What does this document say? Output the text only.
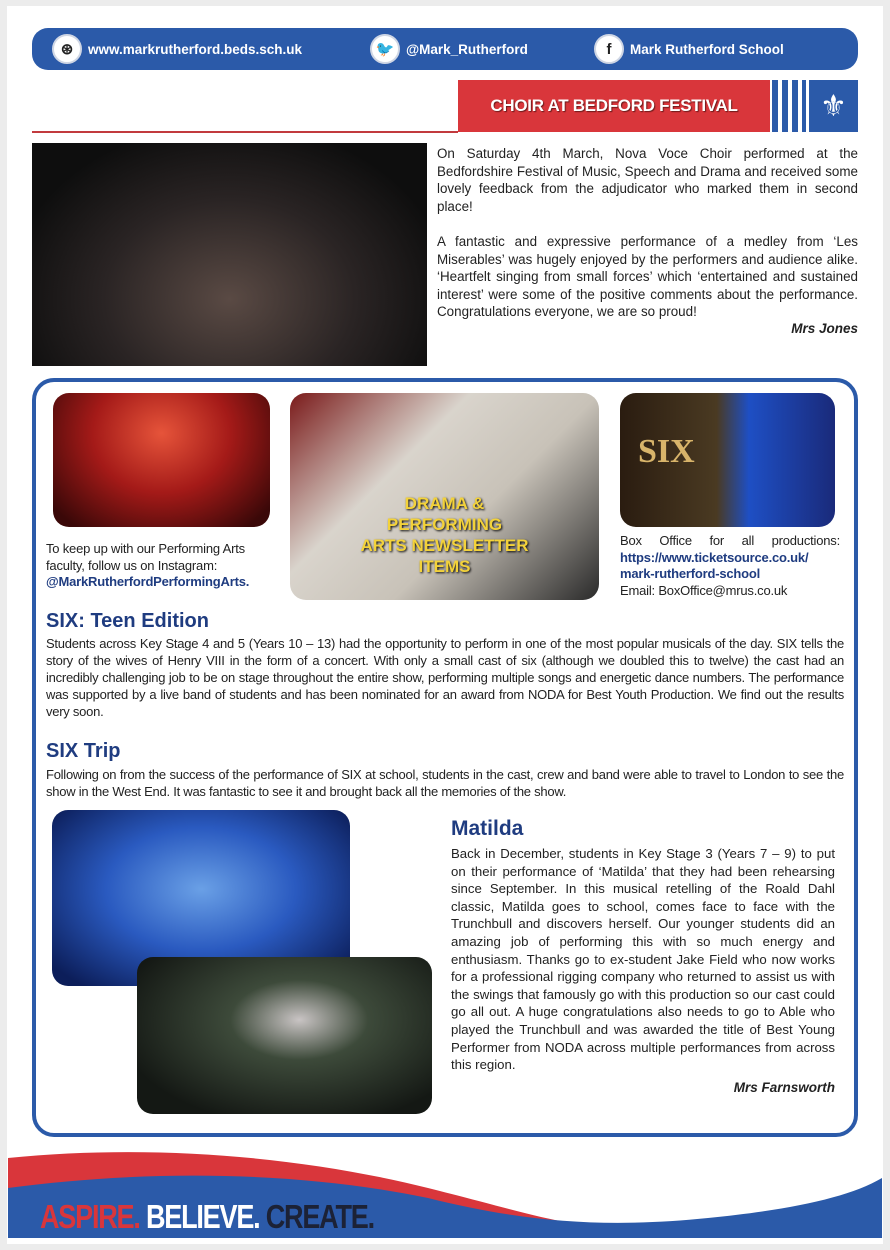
⊛	www.markrutherford.beds.sch.uk	🐦 @Mark_Rutherford	f	Mark Rutherford School
CHOIR AT BEDFORD FESTIVAL	⚜

On Saturday 4th March, Nova Voce Choir performed at the Bedfordshire Festival of Music, Speech and Drama and received some lovely feedback from the adjudicator who marked them in second place!

A fantastic and expressive performance of a medley from ‘Les Miserables’ was hugely enjoyed by the performers and audience alike. ‘Heartfelt singing from small forces’ which ‘entertained and sustained interest’ were some of the positive comments about the performance. Congratulations everyone, we are so proud!

Mrs Jones

DRAMA &
PERFORMING
ARTS NEWSLETTER
ITEMS
SIX
To keep up with our Performing Arts faculty, follow us on Instagram:
@MarkRutherfordPerformingArts.
Box Office for all productions:
https://www.ticketsource.co.uk/
mark-rutherford-school
Email: BoxOffice@mrus.co.uk
SIX: Teen Edition

Students across Key Stage 4 and 5 (Years 10 – 13) had the opportunity to perform in one of the most popular musicals of the day. SIX tells the story of the wives of Henry VIII in the form of a concert. With only a small cast of six (although we doubled this to twelve) the cast had an incredibly challenging job to be on stage throughout the entire show, performing multiple songs and energetic dance numbers. The performance was supported by a live band of students and has been nominated for an award from NODA for Best Youth Production. We find out the results very soon.

SIX Trip

Following on from the success of the performance of SIX at school, students in the cast, crew and band were able to travel to London to see the show in the West End. It was fantastic to see it and brought back all the memories of the show.

Matilda

Back in December, students in Key Stage 3 (Years 7 – 9) to put on their performance of ‘Matilda’ that they had been rehearsing since September. In this musical retelling of the Roald Dahl classic, Matilda goes to school, comes face to face with the Trunchbull and discovers herself. Our younger students did an amazing job of performing this with so much energy and enthusiasm. Thanks go to ex-student Jake Field who now works for a professional rigging company who returned to assist us with the swings that famously go with this production so our cast could go all out. A huge congratulations also needs to go to Able who played the Trunchbull and was awarded the title of Best Young Performer from NODA across multiple performances from across this region.

Mrs Farnsworth

ASPIRE. BELIEVE. CREATE.
